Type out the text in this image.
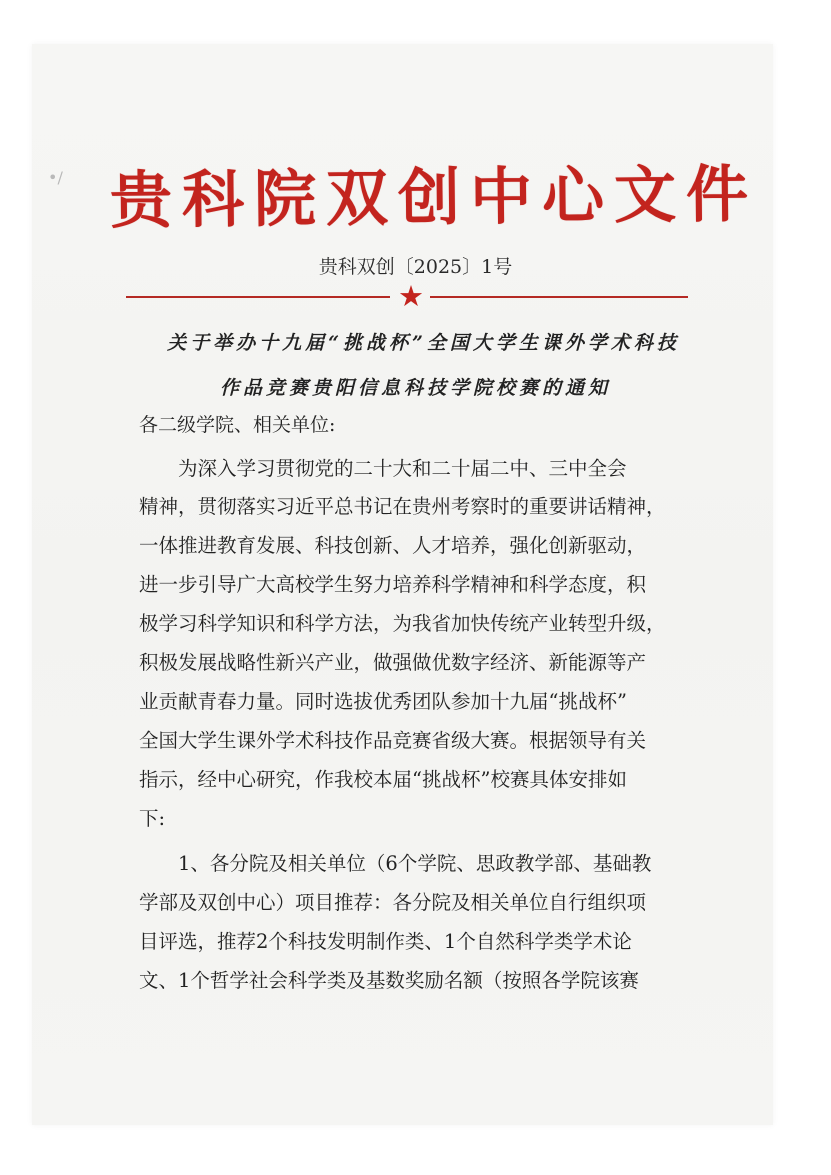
•/ 贵科院双创中心文件
贵科双创〔2025〕1号
★
关于举办十九届“挑战杯”全国大学生课外学术科技
作品竞赛贵阳信息科技学院校赛的通知
各二级学院、相关单位:
为深入学习贯彻党的二十大和二十届二中、三中全会
精神，贯彻落实习近平总书记在贵州考察时的重要讲话精神，
一体推进教育发展、科技创新、人才培养，强化创新驱动，
进一步引导广大高校学生努力培养科学精神和科学态度，积
极学习科学知识和科学方法，为我省加快传统产业转型升级，
积极发展战略性新兴产业，做强做优数字经济、新能源等产
业贡献青春力量。同时选拔优秀团队参加十九届“挑战杯”
全国大学生课外学术科技作品竞赛省级大赛。根据领导有关
指示，经中心研究，作我校本届“挑战杯”校赛具体安排如
下:
1、各分院及相关单位（6个学院、思政教学部、基础教
学部及双创中心）项目推荐：各分院及相关单位自行组织项
目评选，推荐2个科技发明制作类、1个自然科学类学术论
文、1个哲学社会科学类及基数奖励名额（按照各学院该赛
